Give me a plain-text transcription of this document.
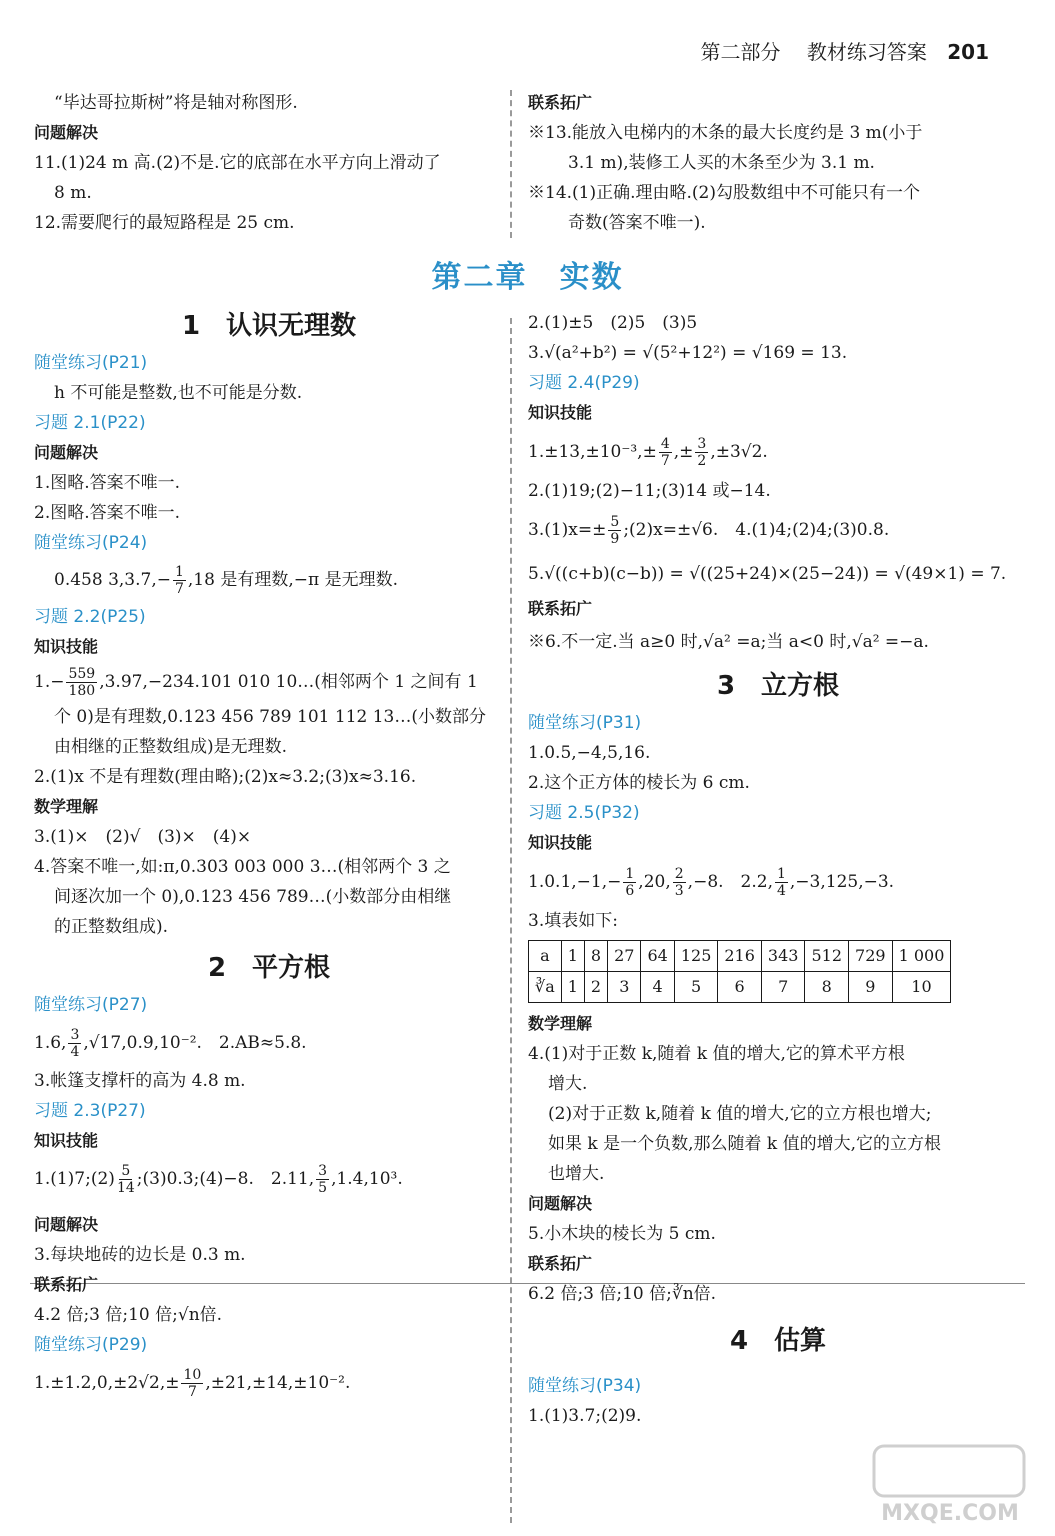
第二部分　 教材练习答案 201
“毕达哥拉斯树”将是轴对称图形.
问题解决
11.(1)24 m 高.(2)不是.它的底部在水平方向上滑动了
8 m.
12.需要爬行的最短路程是 25 cm.
联系拓广
※13.能放入电梯内的木条的最大长度约是 3 m(小于
3.1 m),装修工人买的木条至少为 3.1 m.
※14.(1)正确.理由略.(2)勾股数组中不可能只有一个
奇数(答案不唯一).
第二章　实数
1　认识无理数
随堂练习(P21)
h 不可能是整数,也不可能是分数.
习题 2.1(P22)
问题解决
1.图略.答案不唯一.
2.图略.答案不唯一.
随堂练习(P24)
0.458 3,3.7̇,− $\frac{1}{7} ,18$ 是有理数,−π 是无理数.
习题 2.2(P25)
知识技能
$1.- \frac{559}{180}$ ,3.97̇,−234.101 010 10…(相邻两个 1 之间有 1
个 0)是有理数,0.123 456 789 101 112 13…(小数部分
由相继的正整数组成)是无理数.
2.(1)x 不是有理数(理由略);(2)x≈3.2;(3)x≈3.16.
数学理解
3.(1)×　(2)√　(3)×　(4)×
4.答案不唯一,如:π,0.303 003 000 3…(相邻两个 3 之
间逐次加一个 0),0.123 456 789…(小数部分由相继
的正整数组成).
2　平方根
随堂练习(P27)
1.6, $\frac{3}{4} ,√17,0.9,10^{-2}$.　2.AB≈5.8.
3.帐篷支撑杆的高为 4.8 m.
习题 2.3(P27)
知识技能
1.(1)7;(2) $\frac{5}{14}$ ;(3)0.3;(4)−8.　2.11, $\frac{3}{5} ,1.4,10^3$.
问题解决
3.每块地砖的边长是 0.3 m.
联系拓广
4.2 倍;3 倍;10 倍;√n倍.
随堂练习(P29)
$1.\pm 1.2,0,\pm 2√2,\pm \frac{10}{7} ,\pm 21,\pm 14,\pm 10^{-2}$.
2.(1)±5　(2)5　(3)5
3.√(a²+b²) = √(5²+12²) = √169 = 13.
习题 2.4(P29)
知识技能
$1.\pm 13,\pm 10^{-3},\pm \frac{4}{7}$ ,± $\frac{3}{2} ,\pm 3√2$.
2.(1)19;(2)−11;(3)14 或−14.
$3.(1)x=\pm \frac{5}{9}$ ;(2)x=±√6.　4.(1)4;(2)4;(3)0.8.
5.√((c+b)(c−b)) = √((25+24)×(25−24)) = √(49×1) = 7.
联系拓广
※6.不一定.当 a≥0 时,√a² =a;当 a<0 时,√a² =−a.
3　立方根
随堂练习(P31)
1.0.5,−4,5,16.
2.这个正方体的棱长为 6 cm.
习题 2.5(P32)
知识技能
$1.0.1,-1,- \frac{1}{6} ,20$, $\frac{2}{3} ,-8$.　2.2, $\frac{1}{4} ,-3,125,-3$.
3.填表如下:
a	1	8	27	64	125	216	343	512	729	1 000
∛a	1	2	3	4	5	6	7	8	9	10
数学理解
4.(1)对于正数 k,随着 k 值的增大,它的算术平方根
增大.
(2)对于正数 k,随着 k 值的增大,它的立方根也增大;
如果 k 是一个负数,那么随着 k 值的增大,它的立方根
也增大.
问题解决
5.小木块的棱长为 5 cm.
联系拓广
6.2 倍;3 倍;10 倍;∛n倍.
4　估算
随堂练习(P34)
1.(1)3.7;(2)9.
MXQE.COM
